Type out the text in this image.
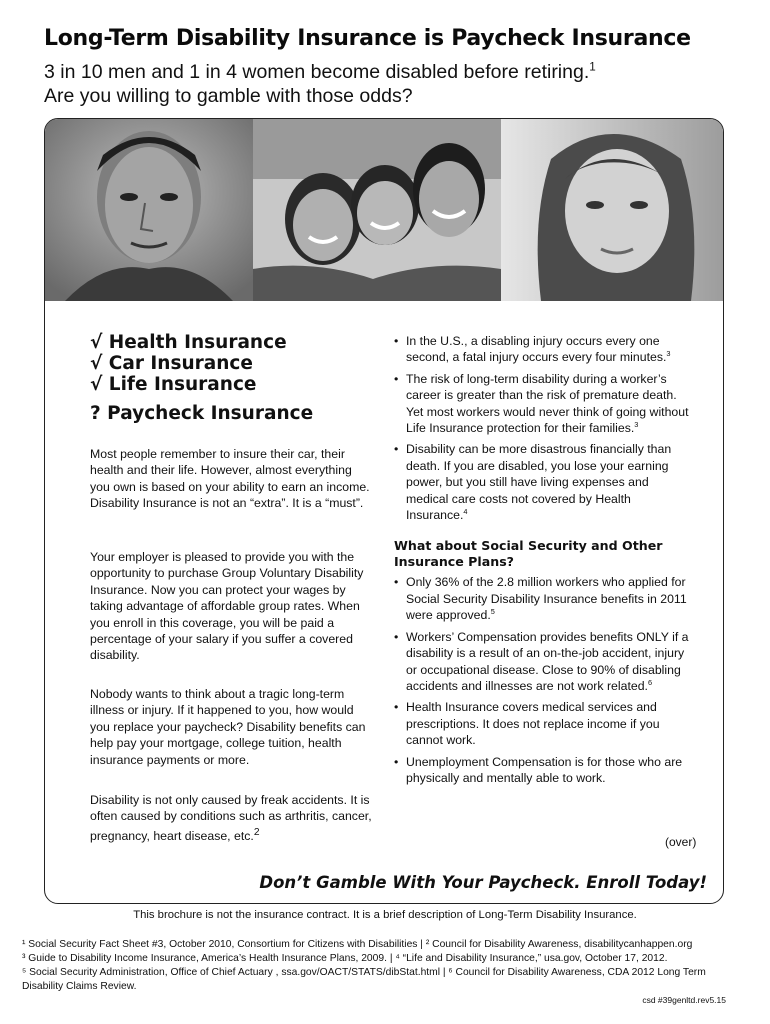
Long-Term Disability Insurance is Paycheck Insurance
3 in 10 men and 1 in 4 women become disabled before retiring.$^1$
Are you willing to gamble with those odds?
√ Health Insurance
√ Car Insurance
√ Life Insurance
? Paycheck Insurance
Most people remember to insure their car, their health and their life. However, almost everything you own is based on your ability to earn an income. Disability Insurance is not an “extra”. It is a “must”.
Your employer is pleased to provide you with the opportunity to purchase Group Voluntary Disability Insurance. Now you can protect your wages by taking advantage of affordable group rates. When you enroll in this coverage, you will be paid a percentage of your salary if you suffer a covered disability.
Nobody wants to think about a tragic long-term illness or injury. If it happened to you, how would you replace your paycheck? Disability benefits can help pay your mortgage, college tuition, health insurance payments or more.
Disability is not only caused by freak accidents. It is often caused by conditions such as arthritis, cancer, pregnancy, heart disease, etc.$^2$
• In the U.S., a disabling injury occurs every one second, a fatal injury occurs every four minutes.$^3$
• The risk of long-term disability during a worker’s career is greater than the risk of premature death. Yet most workers would never think of going without Life Insurance protection for their families.$^3$
• Disability can be more disastrous financially than death. If you are disabled, you lose your earning power, but you still have living expenses and medical care costs not covered by Health Insurance.$^4$
What about Social Security and Other Insurance Plans?
• Only 36% of the 2.8 million workers who applied for Social Security Disability Insurance benefits in 2011 were approved.$^5$
• Workers’ Compensation provides benefits ONLY if a disability is a result of an on-the-job accident, injury or occupational disease. Close to 90% of disabling accidents and illnesses are not work related.$^6$
• Health Insurance covers medical services and prescriptions. It does not replace income if you cannot work.
• Unemployment Compensation is for those who are physically and mentally able to work.
(over)
Don’t Gamble With Your Paycheck. Enroll Today!
This brochure is not the insurance contract. It is a brief description of Long-Term Disability Insurance.
¹ Social Security Fact Sheet #3, October 2010, Consortium for Citizens with Disabilities | ² Council for Disability Awareness, disabilitycanhappen.org
³ Guide to Disability Income Insurance, America’s Health Insurance Plans, 2009. | ⁴ “Life and Disability Insurance,” usa.gov, October 17, 2012.
⁵ Social Security Administration, Office of Chief Actuary , ssa.gov/OACT/STATS/dibStat.html | ⁶ Council for Disability Awareness, CDA 2012 Long Term
Disability Claims Review.
csd #39genltd.rev5.15
